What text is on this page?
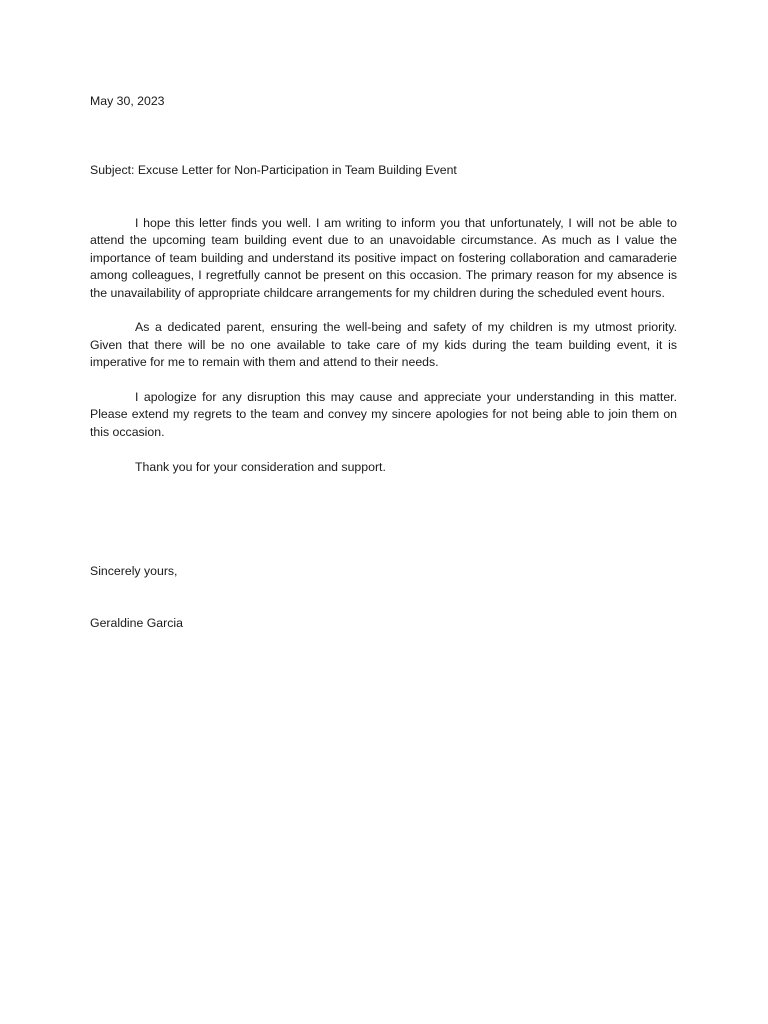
May 30, 2023
Subject: Excuse Letter for Non-Participation in Team Building Event

I hope this letter finds you well. I am writing to inform you that unfortunately, I will not be able to attend the upcoming team building event due to an unavoidable circumstance. As much as I value the importance of team building and understand its positive impact on fostering collaboration and camaraderie among colleagues, I regretfully cannot be present on this occasion. The primary reason for my absence is the unavailability of appropriate childcare arrangements for my children during the scheduled event hours.

As a dedicated parent, ensuring the well-being and safety of my children is my utmost priority. Given that there will be no one available to take care of my kids during the team building event, it is imperative for me to remain with them and attend to their needs.

I apologize for any disruption this may cause and appreciate your understanding in this matter. Please extend my regrets to the team and convey my sincere apologies for not being able to join them on this occasion.

Thank you for your consideration and support.

Sincerely yours,
Geraldine Garcia
